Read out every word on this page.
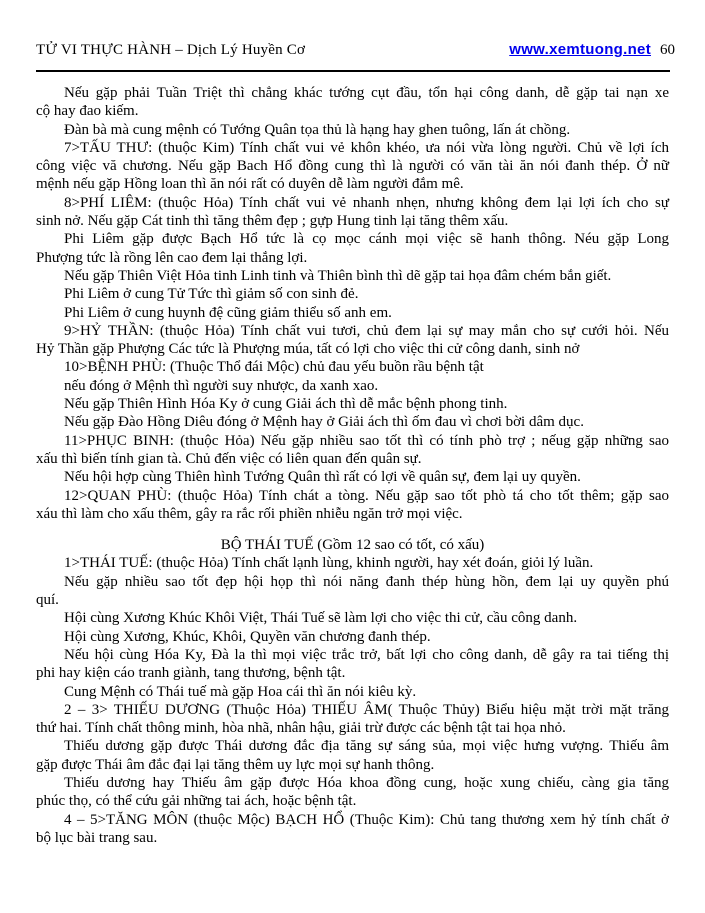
TỬ VI THỰC HÀNH – Dịch Lý Huyền Cơ	www.xemtuong.net 60
Nếu gặp phải Tuần Triệt thì chẳng khác tướng cụt đầu, tổn hại công danh, dễ gặp tai nạn xe
cộ hay đao kiếm.
Đàn bà mà cung mệnh có Tướng Quân tọa thủ là hạng hay ghen tuông, lấn át chồng.
7>TẤU THƯ: (thuộc Kim) Tính chất vui vẻ khôn khéo, ưa nói vừa lòng người. Chủ về lợi ích
công việc vă chương. Nếu gặp Bach Hổ đồng cung thì là người có văn tài ăn nói đanh thép. Ở nữ
mệnh nếu gặp Hồng loan thì ăn nói rất có duyên dễ làm người đắm mê.
8>PHÍ LIÊM: (thuộc Hỏa) Tính chất vui vẻ nhanh nhẹn, nhưng không đem lại lợi ích cho sự
sinh nở. Nếu gặp Cát tinh thì tăng thêm đẹp ; gựp Hung tinh lại tăng thêm xấu.
Phi Liêm gặp được Bạch Hổ tức là cọ mọc cánh mọi việc sẽ hanh thông. Néu gặp Long
Phượng tức là rồng lên cao đem lại thắng lợi.
Nếu gặp Thiên Việt Hỏa tinh Linh tinh và Thiên bình thì dẽ gặp tai họa đâm chém bắn giết.
Phi Liêm ở cung Tử Tức thì giảm số con sinh đẻ.
Phi Liêm ở cung huynh đệ cũng giảm thiểu số anh em.
9>HỶ THẦN: (thuộc Hỏa) Tính chất vui tươi, chủ đem lại sự may mắn cho sự cưới hỏi. Nếu
Hỷ Thần gặp Phượng Các tức là Phượng múa, tất có lợi cho việc thi cử công danh, sinh nở
10>BỆNH PHÙ: (Thuộc Thổ đái Mộc) chủ đau yếu buồn rầu bệnh tật
nếu đóng ở Mệnh thì người suy nhược, da xanh xao.
Nếu gặp Thiên Hình Hóa Ky ở cung Giải ách thì dễ mắc bệnh phong tinh.
Nếu gặp Đào Hồng Diêu đóng ở Mệnh hay ở Giải ách thì ốm đau vì chơi bời dâm dục.
11>PHỤC BINH: (thuộc Hỏa) Nếu gặp nhiều sao tốt thì có tính phò trợ ; nếug gặp những sao
xấu thì biến tính gian tà. Chủ đến việc có liên quan đến quân sự.
Nếu hội hợp cùng Thiên hình Tướng Quân thì rất có lợi về quân sự, đem lại uy quyền.
12>QUAN PHÙ: (thuộc Hỏa) Tính chát a tòng. Nếu gặp sao tốt phò tá cho tốt thêm; gặp sao
xáu thì làm cho xấu thêm, gây ra rắc rối phiền nhiễu ngăn trở mọi việc.
BỘ THÁI TUẾ (Gồm 12 sao có tốt, có xấu)
1>THÁI TUẾ: (thuộc Hỏa) Tính chất lạnh lùng, khinh người, hay xét đoán, giỏi lý luần.
Nếu gặp nhiều sao tốt đẹp hội họp thì nói năng đanh thép hùng hồn, đem lại uy quyền phú
quí.
Hội cùng Xương Khúc Khôi Việt, Thái Tuế sẽ làm lợi cho việc thi cử, cầu công danh.
Hội cùng Xương, Khúc, Khôi, Quyền văn chương đanh thép.
Nếu hội cùng Hóa Ky, Đà la thì mọi việc trắc trở, bất lợi cho công danh, dễ gây ra tai tiếng thị
phi hay kiện cáo tranh giành, tang thương, bệnh tật.
Cung Mệnh có Thái tuế mà gặp Hoa cái thì ăn nói kiêu kỳ.
2 – 3> THIẾU DƯƠNG (Thuộc Hỏa) THIẾU ÂM( Thuộc Thủy) Biểu hiệu mặt trời mặt trăng
thứ hai. Tính chất thông minh, hòa nhã, nhân hậu, giải trừ được các bệnh tật tai họa nhỏ.
Thiếu dương gặp được Thái dương đắc địa tăng sự sáng sủa, mọi việc hưng vượng. Thiếu âm
gặp được Thái âm đắc đại lại tăng thêm uy lực mọi sự hanh thông.
Thiếu dương hay Thiếu âm gặp được Hóa khoa đồng cung, hoặc xung chiếu, càng gia tăng
phúc thọ, có thể cứu gải những tai ách, hoặc bệnh tật.
4 – 5>TĂNG MÔN (thuộc Mộc) BẠCH HỔ (Thuộc Kim): Chủ tang thương xem hỷ tính chất ở
bộ lục bài trang sau.
